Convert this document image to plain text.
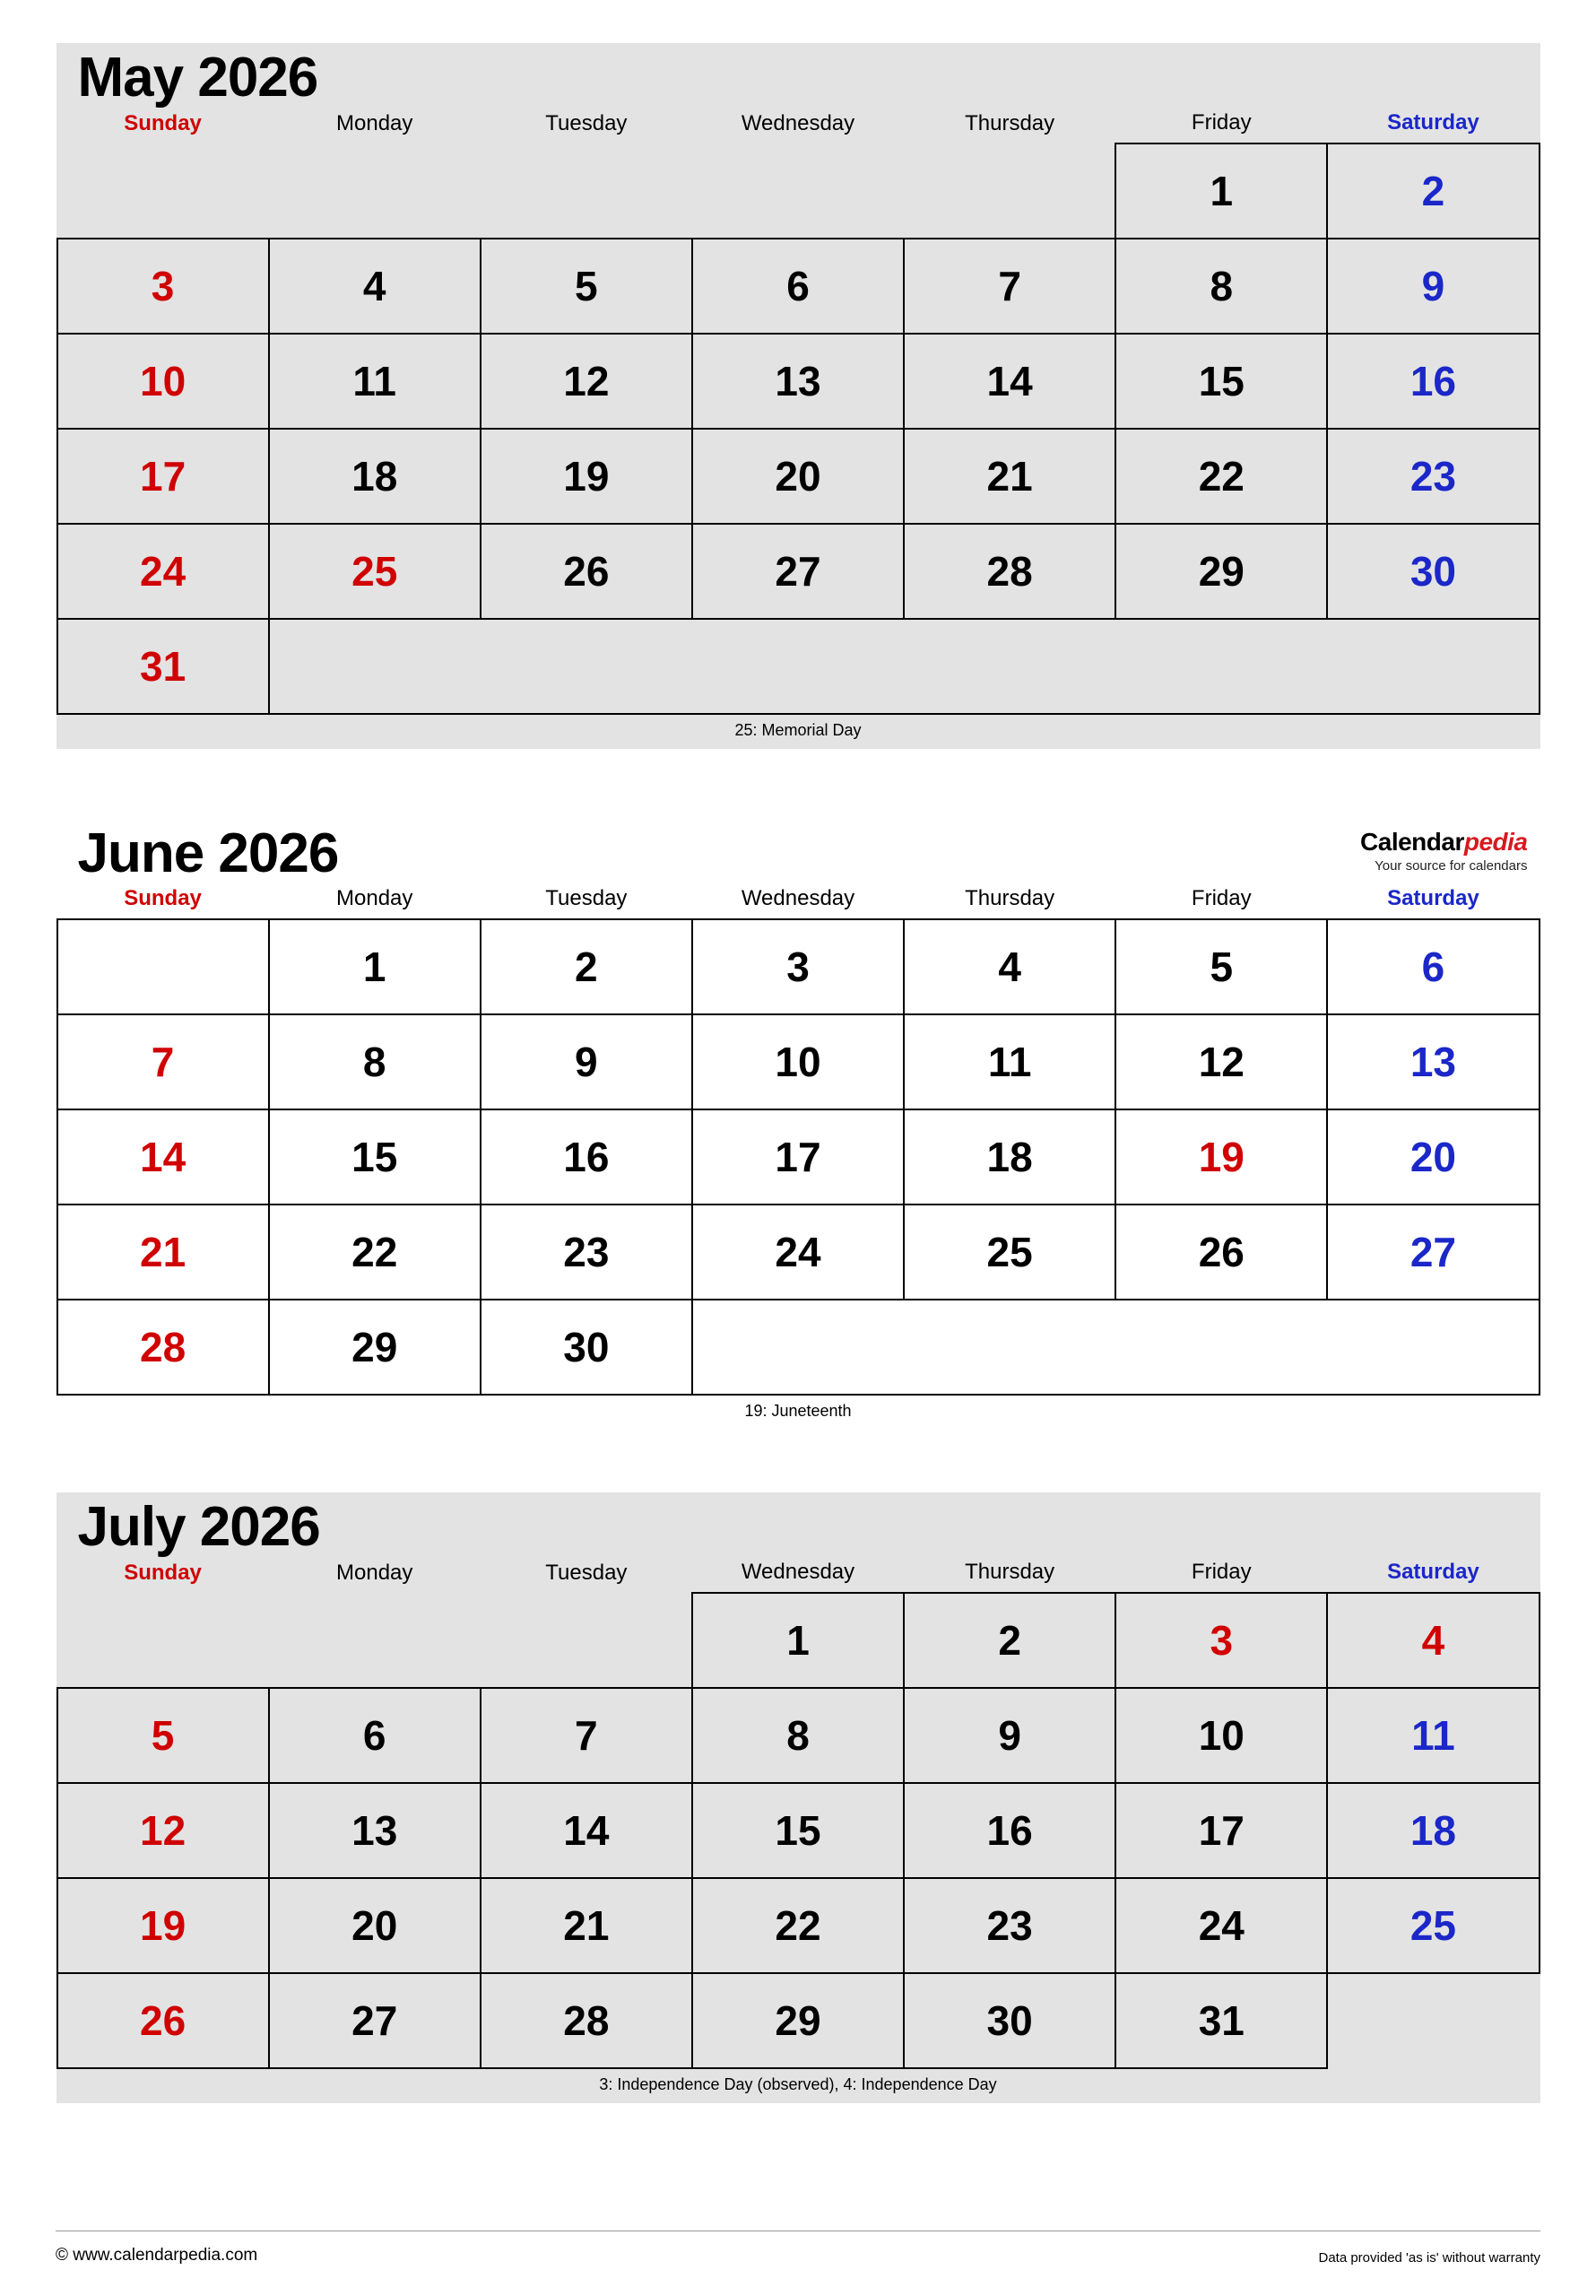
May 2026
Sunday	Monday	Tuesday	Wednesday	Thursday	Friday	Saturday
					1	2
3	4	5	6	7	8	9
10	11	12	13	14	15	16
17	18	19	20	21	22	23
24	25	26	27	28	29	30
31						
25: Memorial Day
June 2026	Calendarpedia
Your source for calendars
Sunday	Monday	Tuesday	Wednesday	Thursday	Friday	Saturday
	1	2	3	4	5	6
7	8	9	10	11	12	13
14	15	16	17	18	19	20
21	22	23	24	25	26	27
28	29	30				
19: Juneteenth
July 2026
Sunday	Monday	Tuesday	Wednesday	Thursday	Friday	Saturday
			1	2	3	4
5	6	7	8	9	10	11
12	13	14	15	16	17	18
19	20	21	22	23	24	25
26	27	28	29	30	31	
3: Independence Day (observed), 4: Independence Day
© www.calendarpedia.com	Data provided 'as is' without warranty
